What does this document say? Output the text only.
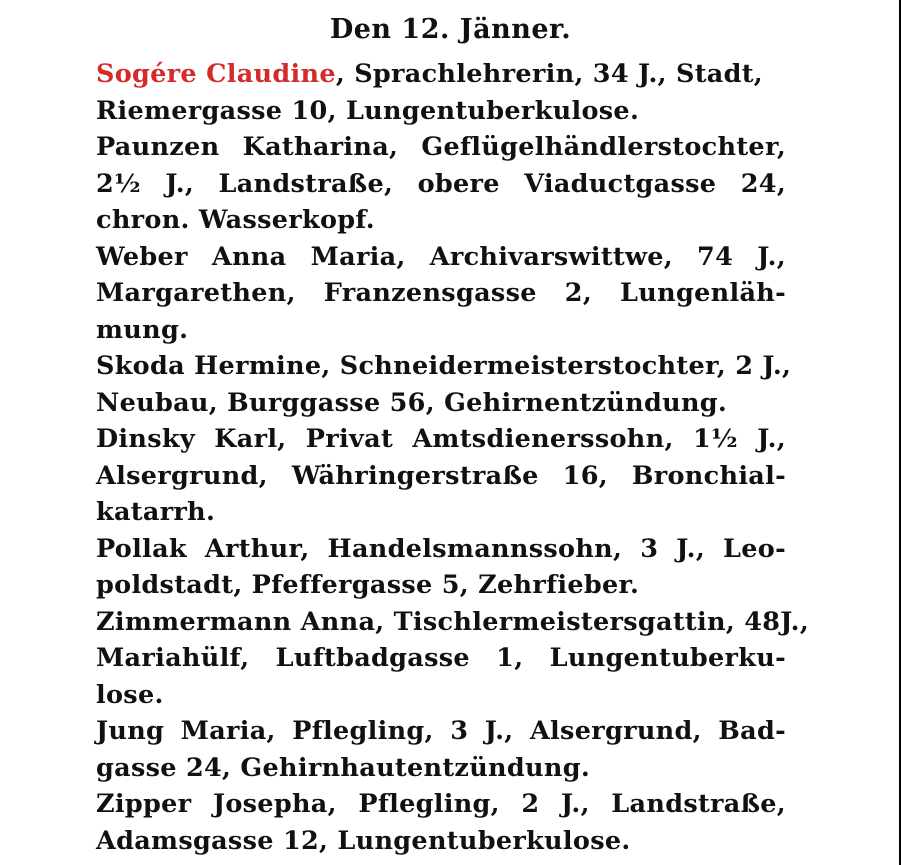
Den 12. Jänner.

Sogére Claudine, Sprachlehrerin, 34 J., Stadt,
Riemergasse 10, Lungentuberkulose.

Paunzen Katharina, Geflügelhändlerstochter,
2½ J., Landstraße, obere Viaductgasse 24,
chron. Wasserkopf.

Weber Anna Maria, Archivarswittwe, 74 J.,
Margarethen, Franzensgasse 2, Lungenläh-
mung.

Skoda Hermine, Schneidermeisterstochter, 2 J.,
Neubau, Burggasse 56, Gehirnentzündung.

Dinsky Karl, Privat Amtsdienerssohn, 1½ J.,
Alsergrund, Währingerstraße 16, Bronchial-
katarrh.

Pollak Arthur, Handelsmannssohn, 3 J., Leo-
poldstadt, Pfeffergasse 5, Zehrfieber.

Zimmermann Anna, Tischlermeistersgattin, 48J.,
Mariahülf, Luftbadgasse 1, Lungentuberku-
lose.

Jung Maria, Pflegling, 3 J., Alsergrund, Bad-
gasse 24, Gehirnhautentzündung.

Zipper Josepha, Pflegling, 2 J., Landstraße,
Adamsgasse 12, Lungentuberkulose.
